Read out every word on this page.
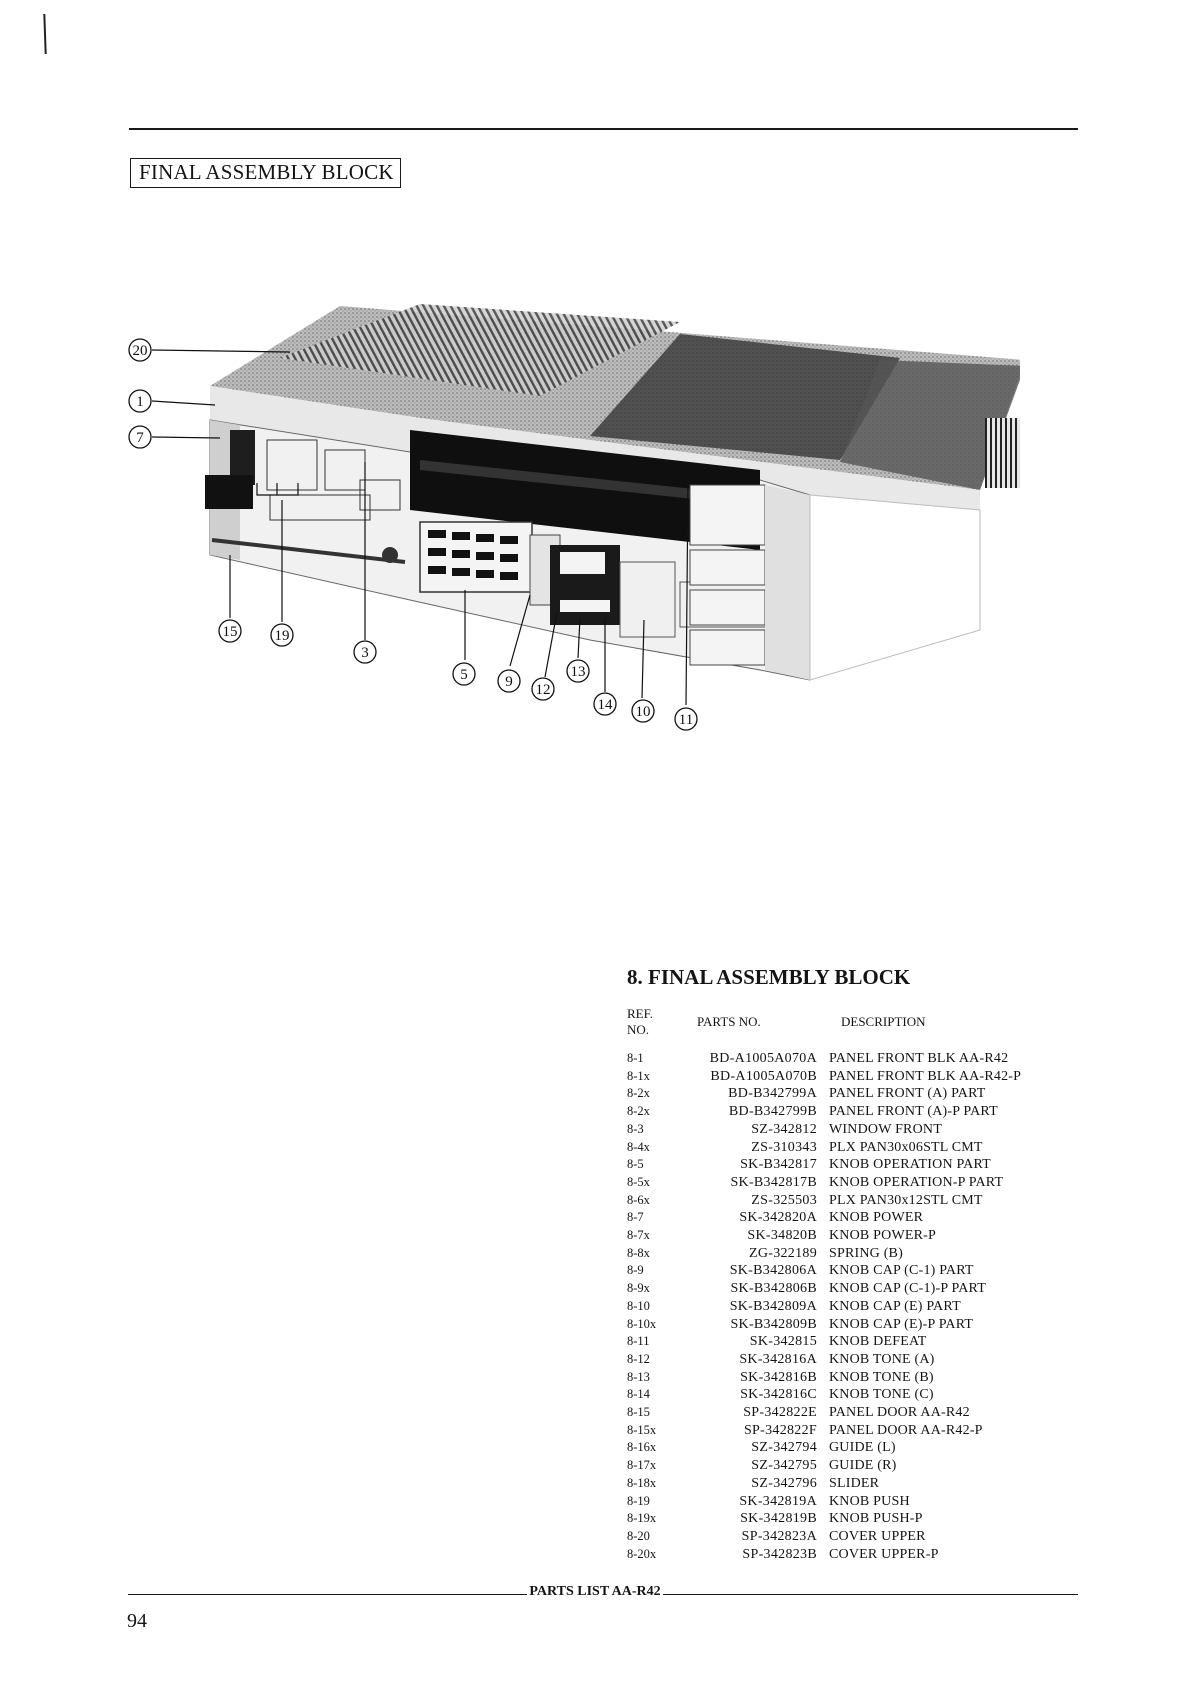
FINAL ASSEMBLY BLOCK
20
1
7
15 19
3
5	9 12
13
14 10 11
8. FINAL ASSEMBLY BLOCK
REF.
NO.
PARTS NO.	DESCRIPTION
8-1	BD-A1005A070A	PANEL FRONT BLK AA-R42
8-1x	BD-A1005A070B	PANEL FRONT BLK AA-R42-P
8-2x	BD-B342799A	PANEL FRONT (A) PART
8-2x	BD-B342799B	PANEL FRONT (A)-P PART
8-3	SZ-342812	WINDOW FRONT
8-4x	ZS-310343	PLX PAN30x06STL CMT
8-5	SK-B342817	KNOB OPERATION PART
8-5x	SK-B342817B	KNOB OPERATION-P PART
8-6x	ZS-325503	PLX PAN30x12STL CMT
8-7	SK-342820A	KNOB POWER
8-7x	SK-34820B	KNOB POWER-P
8-8x	ZG-322189	SPRING (B)
8-9	SK-B342806A	KNOB CAP (C-1) PART
8-9x	SK-B342806B	KNOB CAP (C-1)-P PART
8-10	SK-B342809A	KNOB CAP (E) PART
8-10x	SK-B342809B	KNOB CAP (E)-P PART
8-11	SK-342815	KNOB DEFEAT
8-12	SK-342816A	KNOB TONE (A)
8-13	SK-342816B	KNOB TONE (B)
8-14	SK-342816C	KNOB TONE (C)
8-15	SP-342822E	PANEL DOOR AA-R42
8-15x	SP-342822F	PANEL DOOR AA-R42-P
8-16x	SZ-342794	GUIDE (L)
8-17x	SZ-342795	GUIDE (R)
8-18x	SZ-342796	SLIDER
8-19	SK-342819A	KNOB PUSH
8-19x	SK-342819B	KNOB PUSH-P
8-20	SP-342823A	COVER UPPER
8-20x	SP-342823B	COVER UPPER-P
PARTS LIST AA-R42
94
